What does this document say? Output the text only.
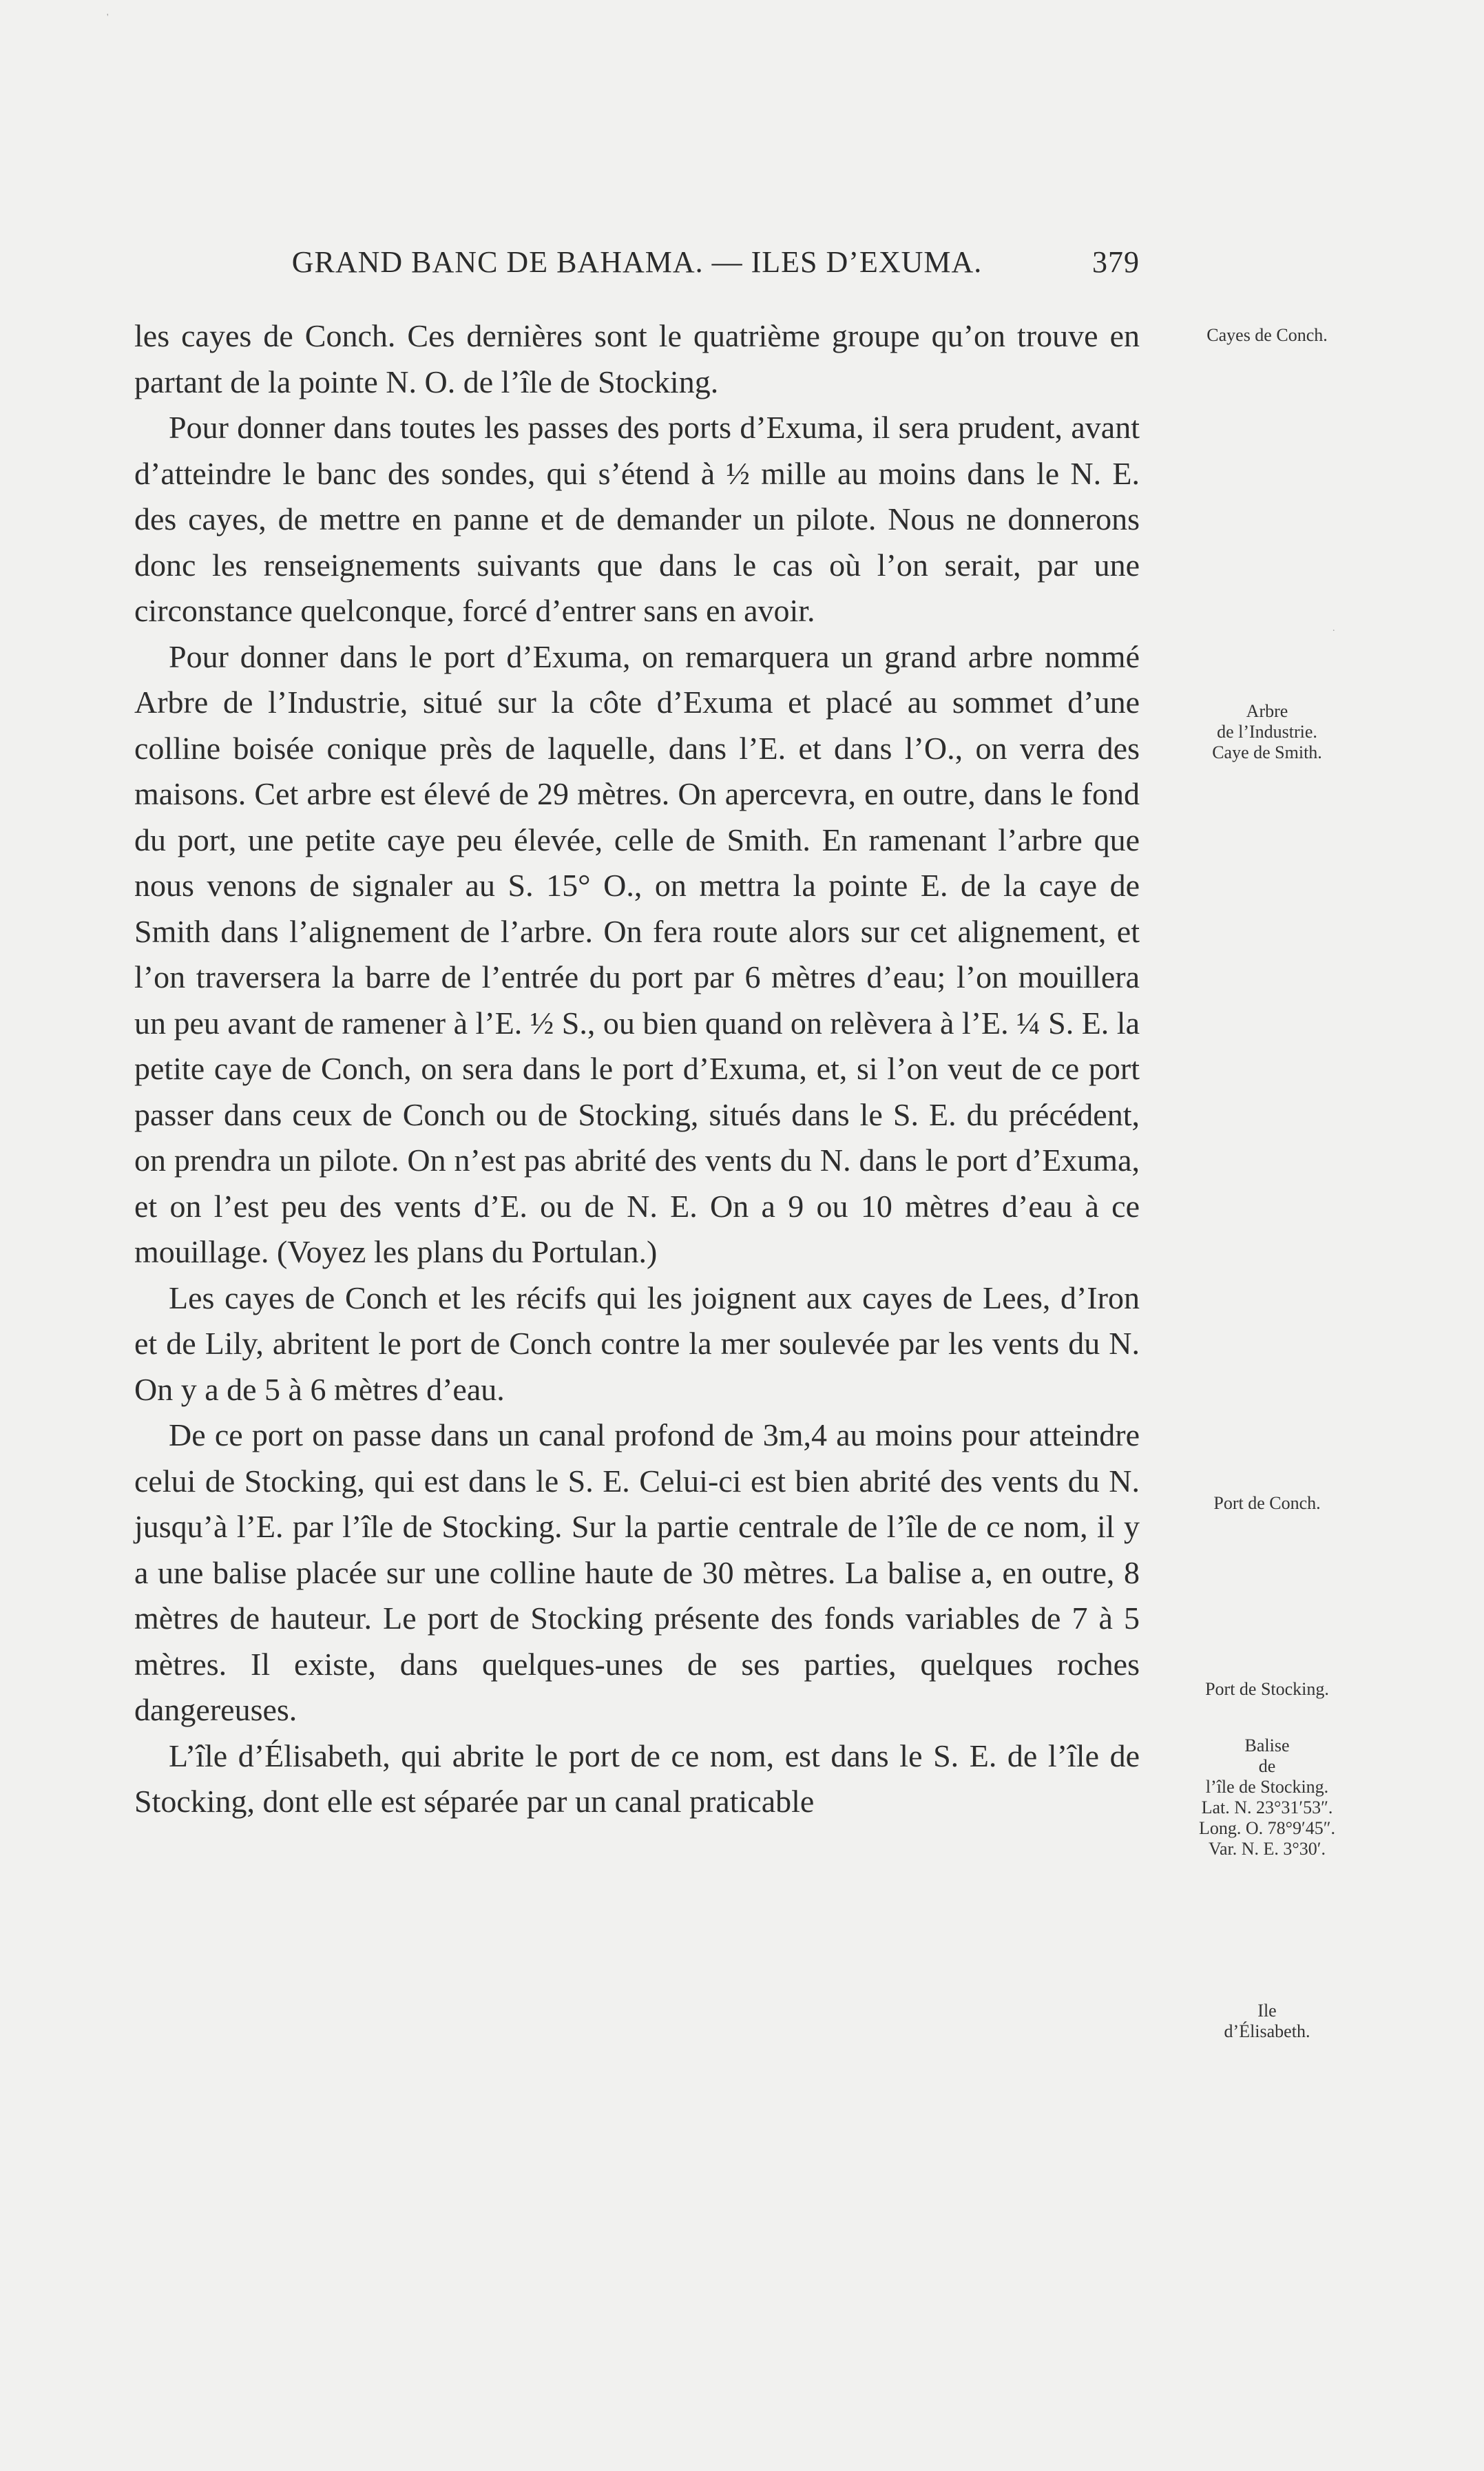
GRAND BANC DE BAHAMA. — ILES D’EXUMA.	379

les cayes de Conch. Ces dernières sont le quatrième groupe qu’on trouve en partant de la pointe N. O. de l’île de Stocking.

Pour donner dans toutes les passes des ports d’Exuma, il sera prudent, avant d’atteindre le banc des sondes, qui s’étend à ½ mille au moins dans le N. E. des cayes, de mettre en panne et de demander un pilote. Nous ne donnerons donc les renseignements suivants que dans le cas où l’on serait, par une circonstance quelconque, forcé d’entrer sans en avoir.

Pour donner dans le port d’Exuma, on remarquera un grand arbre nommé Arbre de l’Industrie, situé sur la côte d’Exuma et placé au sommet d’une colline boisée conique près de laquelle, dans l’E. et dans l’O., on verra des maisons. Cet arbre est élevé de 29 mètres. On apercevra, en outre, dans le fond du port, une petite caye peu élevée, celle de Smith. En ramenant l’arbre que nous venons de signaler au S. 15° O., on mettra la pointe E. de la caye de Smith dans l’alignement de l’arbre. On fera route alors sur cet alignement, et l’on traversera la barre de l’entrée du port par 6 mètres d’eau; l’on mouillera un peu avant de ramener à l’E. ½ S., ou bien quand on relèvera à l’E. ¼ S. E. la petite caye de Conch, on sera dans le port d’Exuma, et, si l’on veut de ce port passer dans ceux de Conch ou de Stocking, situés dans le S. E. du précédent, on prendra un pilote. On n’est pas abrité des vents du N. dans le port d’Exuma, et on l’est peu des vents d’E. ou de N. E. On a 9 ou 10 mètres d’eau à ce mouillage. (Voyez les plans du Portulan.)

Les cayes de Conch et les récifs qui les joignent aux cayes de Lees, d’Iron et de Lily, abritent le port de Conch contre la mer soulevée par les vents du N. On y a de 5 à 6 mètres d’eau.

De ce port on passe dans un canal profond de 3m,4 au moins pour atteindre celui de Stocking, qui est dans le S. E. Celui-ci est bien abrité des vents du N. jusqu’à l’E. par l’île de Stocking. Sur la partie centrale de l’île de ce nom, il y a une balise placée sur une colline haute de 30 mètres. La balise a, en outre, 8 mètres de hauteur. Le port de Stocking présente des fonds variables de 7 à 5 mètres. Il existe, dans quelques-unes de ses parties, quelques roches dangereuses.

L’île d’Élisabeth, qui abrite le port de ce nom, est dans le S. E. de l’île de Stocking, dont elle est séparée par un canal praticable

Cayes de Conch.
Arbre
de l’Industrie.
Caye de Smith.
Port de Conch.
Port de Stocking.
Balise
de
l’île de Stocking.
Lat. N. 23°31′53″.
Long. O. 78°9′45″.
Var. N. E. 3°30′.
Ile
d’Élisabeth.
'
.
